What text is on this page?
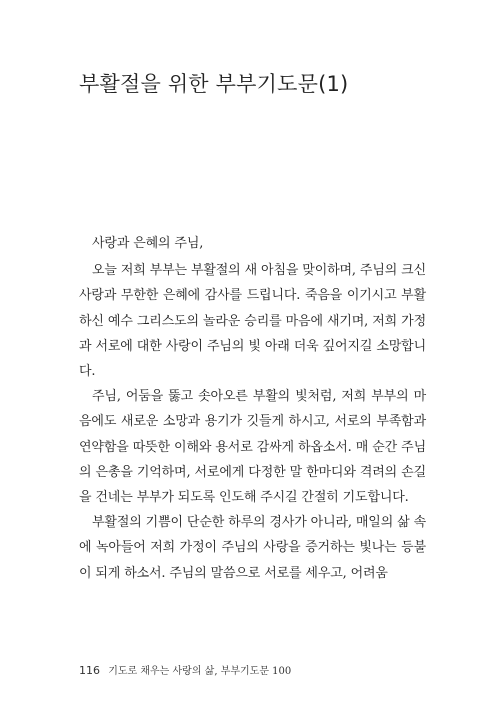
부활절을 위한 부부기도문(1)

사랑과 은혜의 주님,

오늘 저희 부부는 부활절의 새 아침을 맞이하며, 주님의 크신 사랑과 무한한 은혜에 감사를 드립니다. 죽음을 이기시고 부활하신 예수 그리스도의 놀라운 승리를 마음에 새기며, 저희 가정과 서로에 대한 사랑이 주님의 빛 아래 더욱 깊어지길 소망합니다.

주님, 어둠을 뚫고 솟아오른 부활의 빛처럼, 저희 부부의 마음에도 새로운 소망과 용기가 깃들게 하시고, 서로의 부족함과 연약함을 따뜻한 이해와 용서로 감싸게 하옵소서. 매 순간 주님의 은총을 기억하며, 서로에게 다정한 말 한마디와 격려의 손길을 건네는 부부가 되도록 인도해 주시길 간절히 기도합니다.

부활절의 기쁨이 단순한 하루의 경사가 아니라, 매일의 삶 속에 녹아들어 저희 가정이 주님의 사랑을 증거하는 빛나는 등불이 되게 하소서. 주님의 말씀으로 서로를 세우고, 어려움

116 기도로 채우는 사랑의 삶, 부부기도문 100
